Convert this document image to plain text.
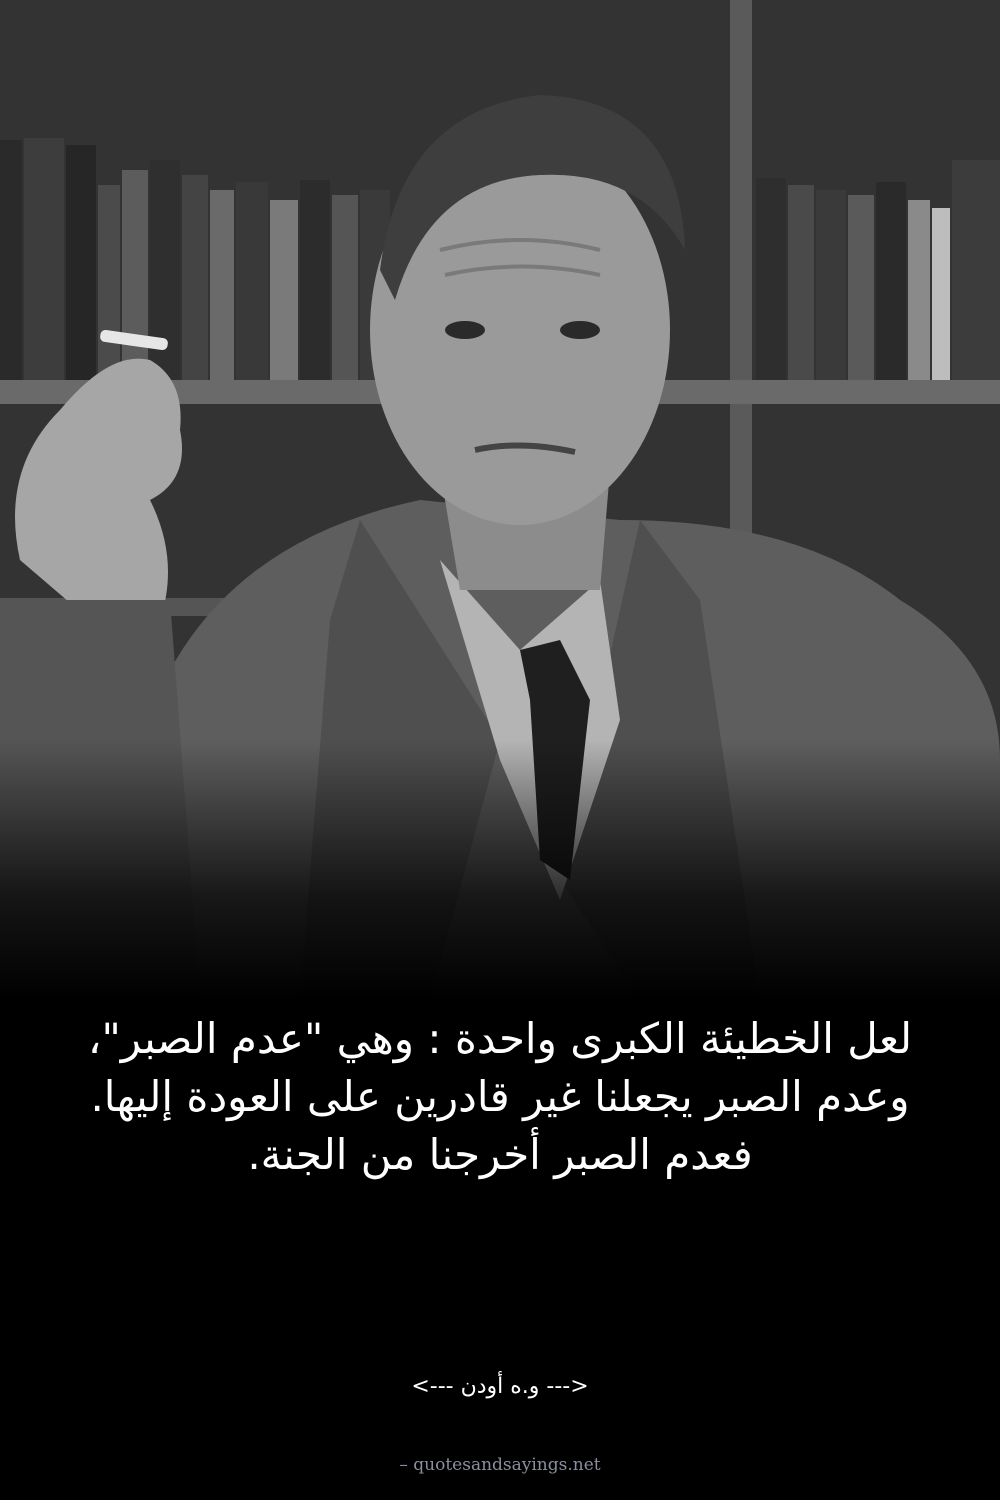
لعل الخطيئة الكبرى واحدة : وهي "عدم الصبر"، وعدم الصبر يجعلنا غير قادرين على العودة إليها. فعدم الصبر أخرجنا من الجنة.

<--- و.ه أودن --->
– quotesandsayings.net
